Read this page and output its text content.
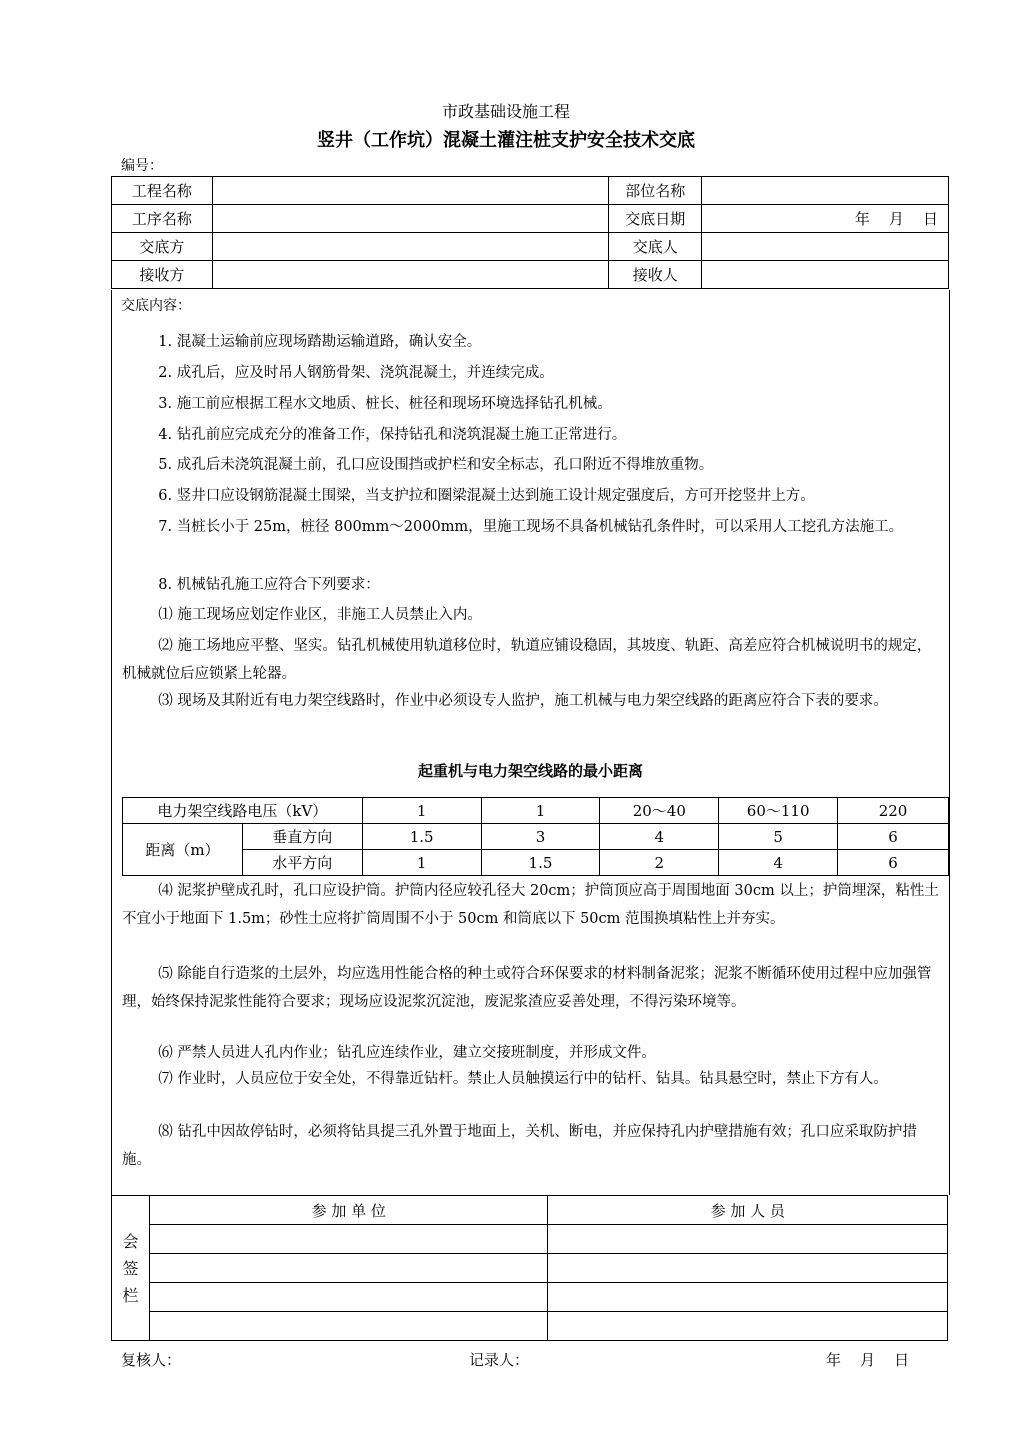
市政基础设施工程
竖井（工作坑）混凝土灌注桩支护安全技术交底
编号：
工程名称		部位名称	
工序名称		交底日期	年    月    日
交底方		交底人	
接收方		接收人	
交底内容：
1. 混凝土运输前应现场踏勘运输道路，确认安全。
2. 成孔后，应及时吊人钢筋骨架、浇筑混凝土，并连续完成。
3. 施工前应根据工程水文地质、桩长、桩径和现场环境选择钻孔机械。
4. 钻孔前应完成充分的准备工作，保持钻孔和浇筑混凝土施工正常进行。
5. 成孔后未浇筑混凝土前，孔口应设围挡或护栏和安全标志，孔口附近不得堆放重物。
6. 竖井口应设钢筋混凝土围梁，当支护拉和圈梁混凝土达到施工设计规定强度后，方可开挖竖井上方。
7. 当桩长小于 25m，桩径 800mm～2000mm，里施工现场不具备机械钻孔条件时，可以采用人工挖孔方法施工。
8. 机械钻孔施工应符合下列要求：
⑴ 施工现场应划定作业区，非施工人员禁止入内。
⑵ 施工场地应平整、坚实。钻孔机械使用轨道移位时，轨道应铺设稳固，其坡度、轨距、高差应符合机械说明书的规定，机械就位后应锁紧上轮器。
⑶ 现场及其附近有电力架空线路时，作业中必须设专人监护，施工机械与电力架空线路的距离应符合下表的要求。
起重机与电力架空线路的最小距离
电力架空线路电压（kV）		1	1	20～40	60～110	220
距离（m）	垂直方向	1.5	3	4	5	6
	水平方向	1	1.5	2	4	6
⑷ 泥浆护壁成孔时，孔口应设护筒。护筒内径应较孔径大 20cm；护筒顶应高于周围地面 30cm 以上；护筒埋深，粘性土不宜小于地面下 1.5m；砂性土应将扩筒周围不小于 50cm 和筒底以下 50cm 范围换填粘性上并夯实。
⑸ 除能自行造浆的土层外，均应选用性能合格的种土或符合环保要求的材料制备泥浆；泥浆不断循环使用过程中应加强管理，始终保持泥浆性能符合要求；现场应设泥浆沉淀池，废泥浆渣应妥善处理，不得污染环境等。
⑹ 严禁人员进人孔内作业；钻孔应连续作业，建立交接班制度，并形成文件。
⑺ 作业时，人员应位于安全处，不得靠近钻杆。禁止人员触摸运行中的钻杆、钻具。钻具悬空时，禁止下方有人。
⑻ 钻孔中因故停钻时，必须将钻具提三孔外置于地面上，关机、断电，并应保持孔内护壁措施有效；孔口应采取防护措施。
会
签
栏	参 加 单 位	参 加 人 员

复核人：	记录人：	年    月    日
